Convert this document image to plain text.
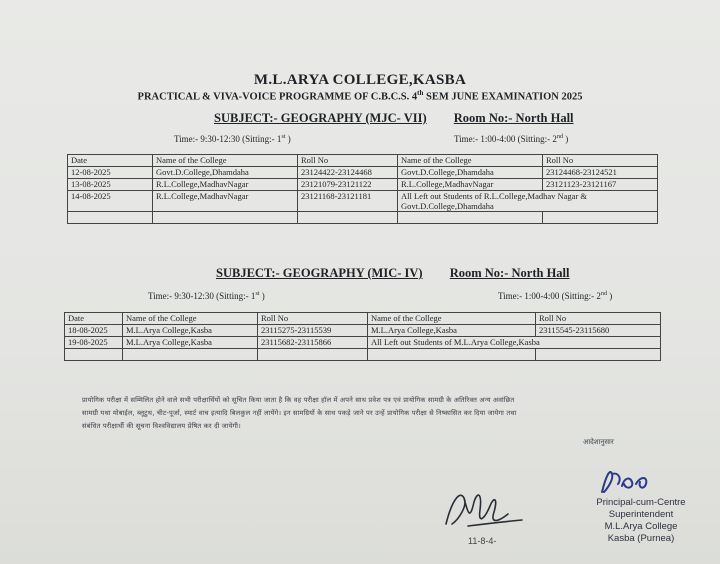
M.L.ARYA COLLEGE,KASBA
PRACTICAL & VIVA-VOICE PROGRAMME OF C.B.C.S. 4th SEM JUNE EXAMINATION 2025
SUBJECT:- GEOGRAPHY (MJC- VII) Room No:- North Hall
Time:- 9:30-12:30 (Sitting:- 1st )	Time:- 1:00-4:00 (Sitting:- 2nd )
Date	Name of the College	Roll No	Name of the College	Roll No
12-08-2025	Govt.D.College,Dhamdaha	23124422-23124468	Govt.D.College,Dhamdaha	23124468-23124521
13-08-2025	R.L.College,MadhavNagar	23121079-23121122	R.L.College,MadhavNagar	23121123-23121167
14-08-2025	R.L.College,MadhavNagar	23121168-23121181	All Left out Students of R.L.College,Madhav Nagar & Govt.D.College,Dhamdaha	

SUBJECT:- GEOGRAPHY (MIC- IV) Room No:- North Hall
Time:- 9:30-12:30 (Sitting:- 1st )	Time:- 1:00-4:00 (Sitting:- 2nd )
Date	Name of the College	Roll No	Name of the College	Roll No
18-08-2025	M.L.Arya College,Kasba	23115275-23115539	M.L.Arya College,Kasba	23115545-23115680
19-08-2025	M.L.Arya College,Kasba	23115682-23115866	All Left out Students of M.L.Arya College,Kasba	

प्रायोगिक परीक्षा में सम्मिलित होने वाले सभी परीक्षार्थियों को सूचित किया जाता है कि वह परीक्षा हॉल में अपने साथ प्रवेश पत्र एवं प्रायोगिक सामग्री के अतिरिक्त अन्य अवांछित
सामग्री यथा मोबाईल, ब्लूटुथ, चीट-पूर्जा, स्मार्ट वाच इत्यादि बिलकुल नहीं लायेंगे। इन सामग्रियों के साथ पकड़े जाने पर उन्हें प्रायोगिक परीक्षा से निष्कासित कर दिया जायेगा तथा
संबंधित परीक्षार्थी की सूचना विश्वविद्यालय प्रेषित कर दी जायेगी।
आदेशानुसार
11-8-4-
Principal-cum-Centre Superintendent
M.L.Arya College
Kasba (Purnea)
